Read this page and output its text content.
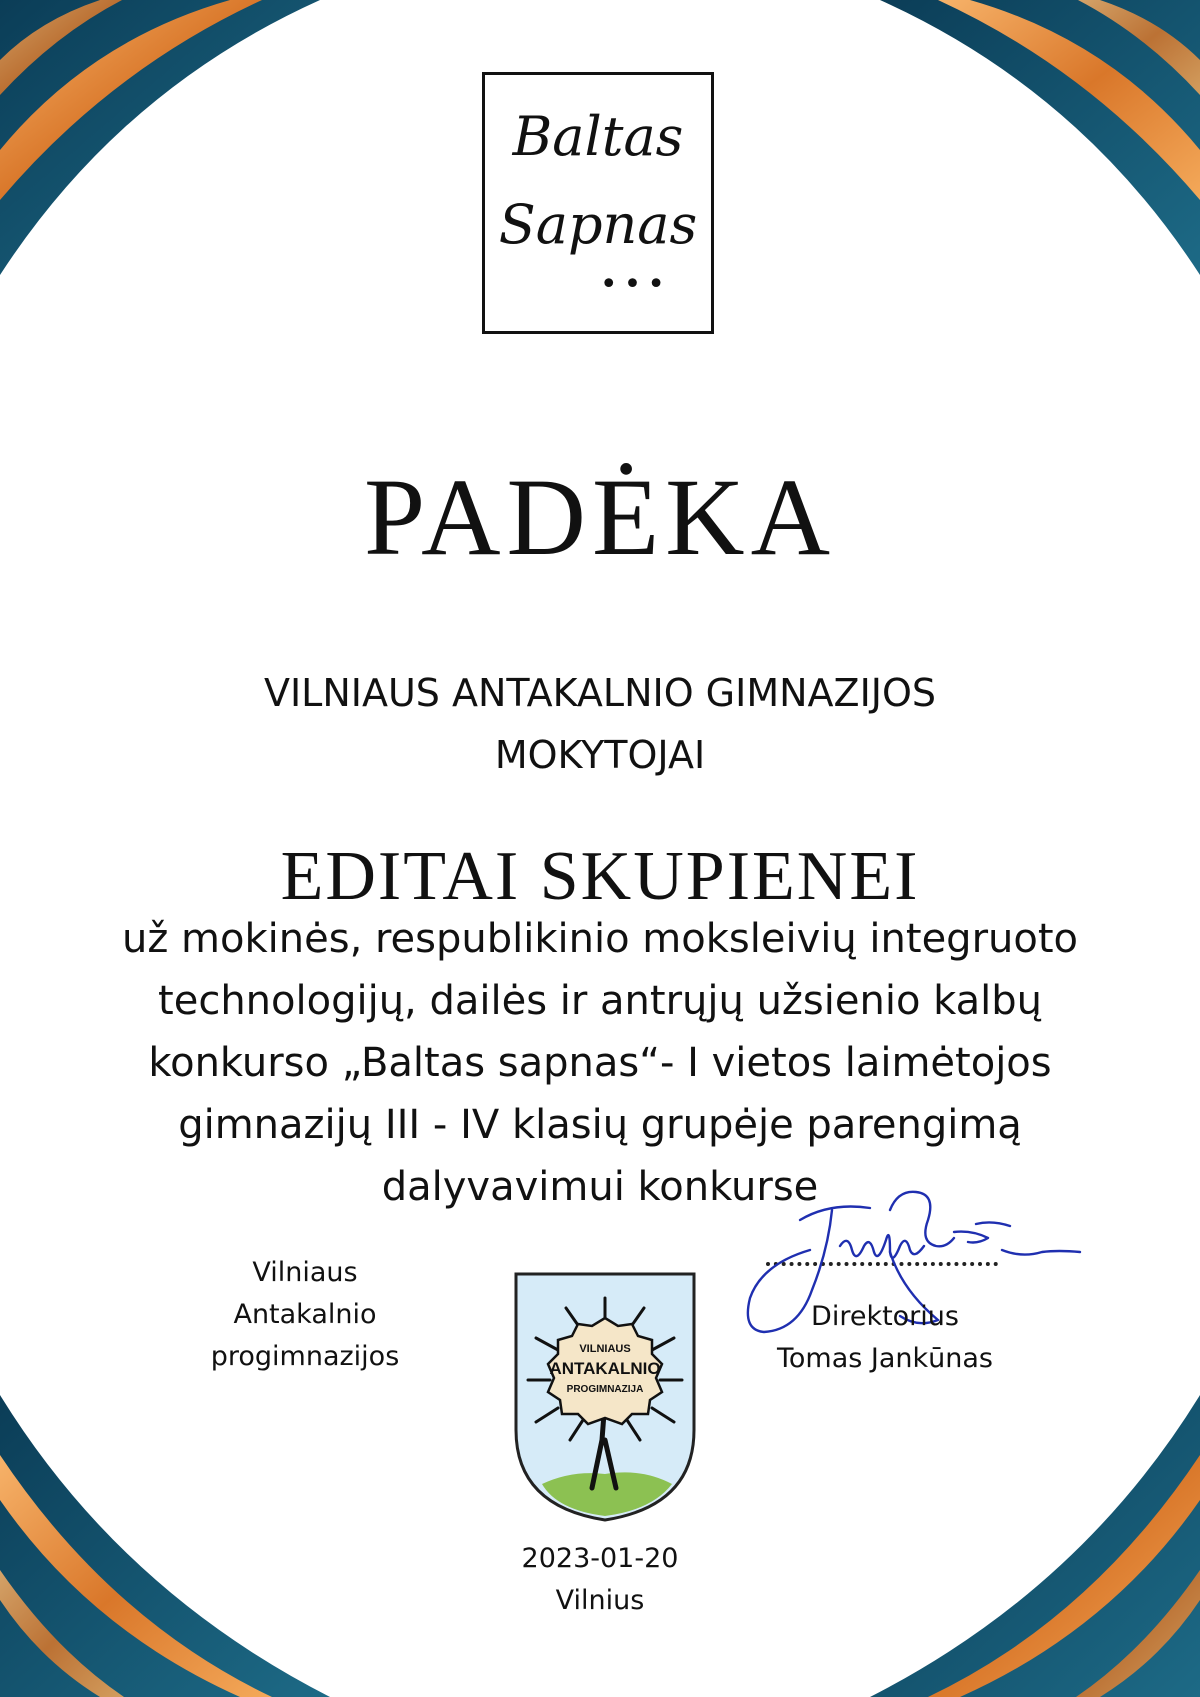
Baltas
Sapnas
•••
PADĖKA
VILNIAUS ANTAKALNIO GIMNAZIJOS
MOKYTOJAI
EDITAI SKUPIENEI
už mokinės, respublikinio moksleivių integruoto
technologijų, dailės ir antrųjų užsienio kalbų
konkurso „Baltas sapnas“- I vietos laimėtojos
gimnazijų III - IV klasių grupėje parengimą
dalyvavimui konkurse
Vilniaus
Antakalnio
progimnazijos	VILNIAUS
ANTAKALNIO
PROGIMNAZIJA
2023-01-20
Vilnius
Direktorius
Tomas Jankūnas
